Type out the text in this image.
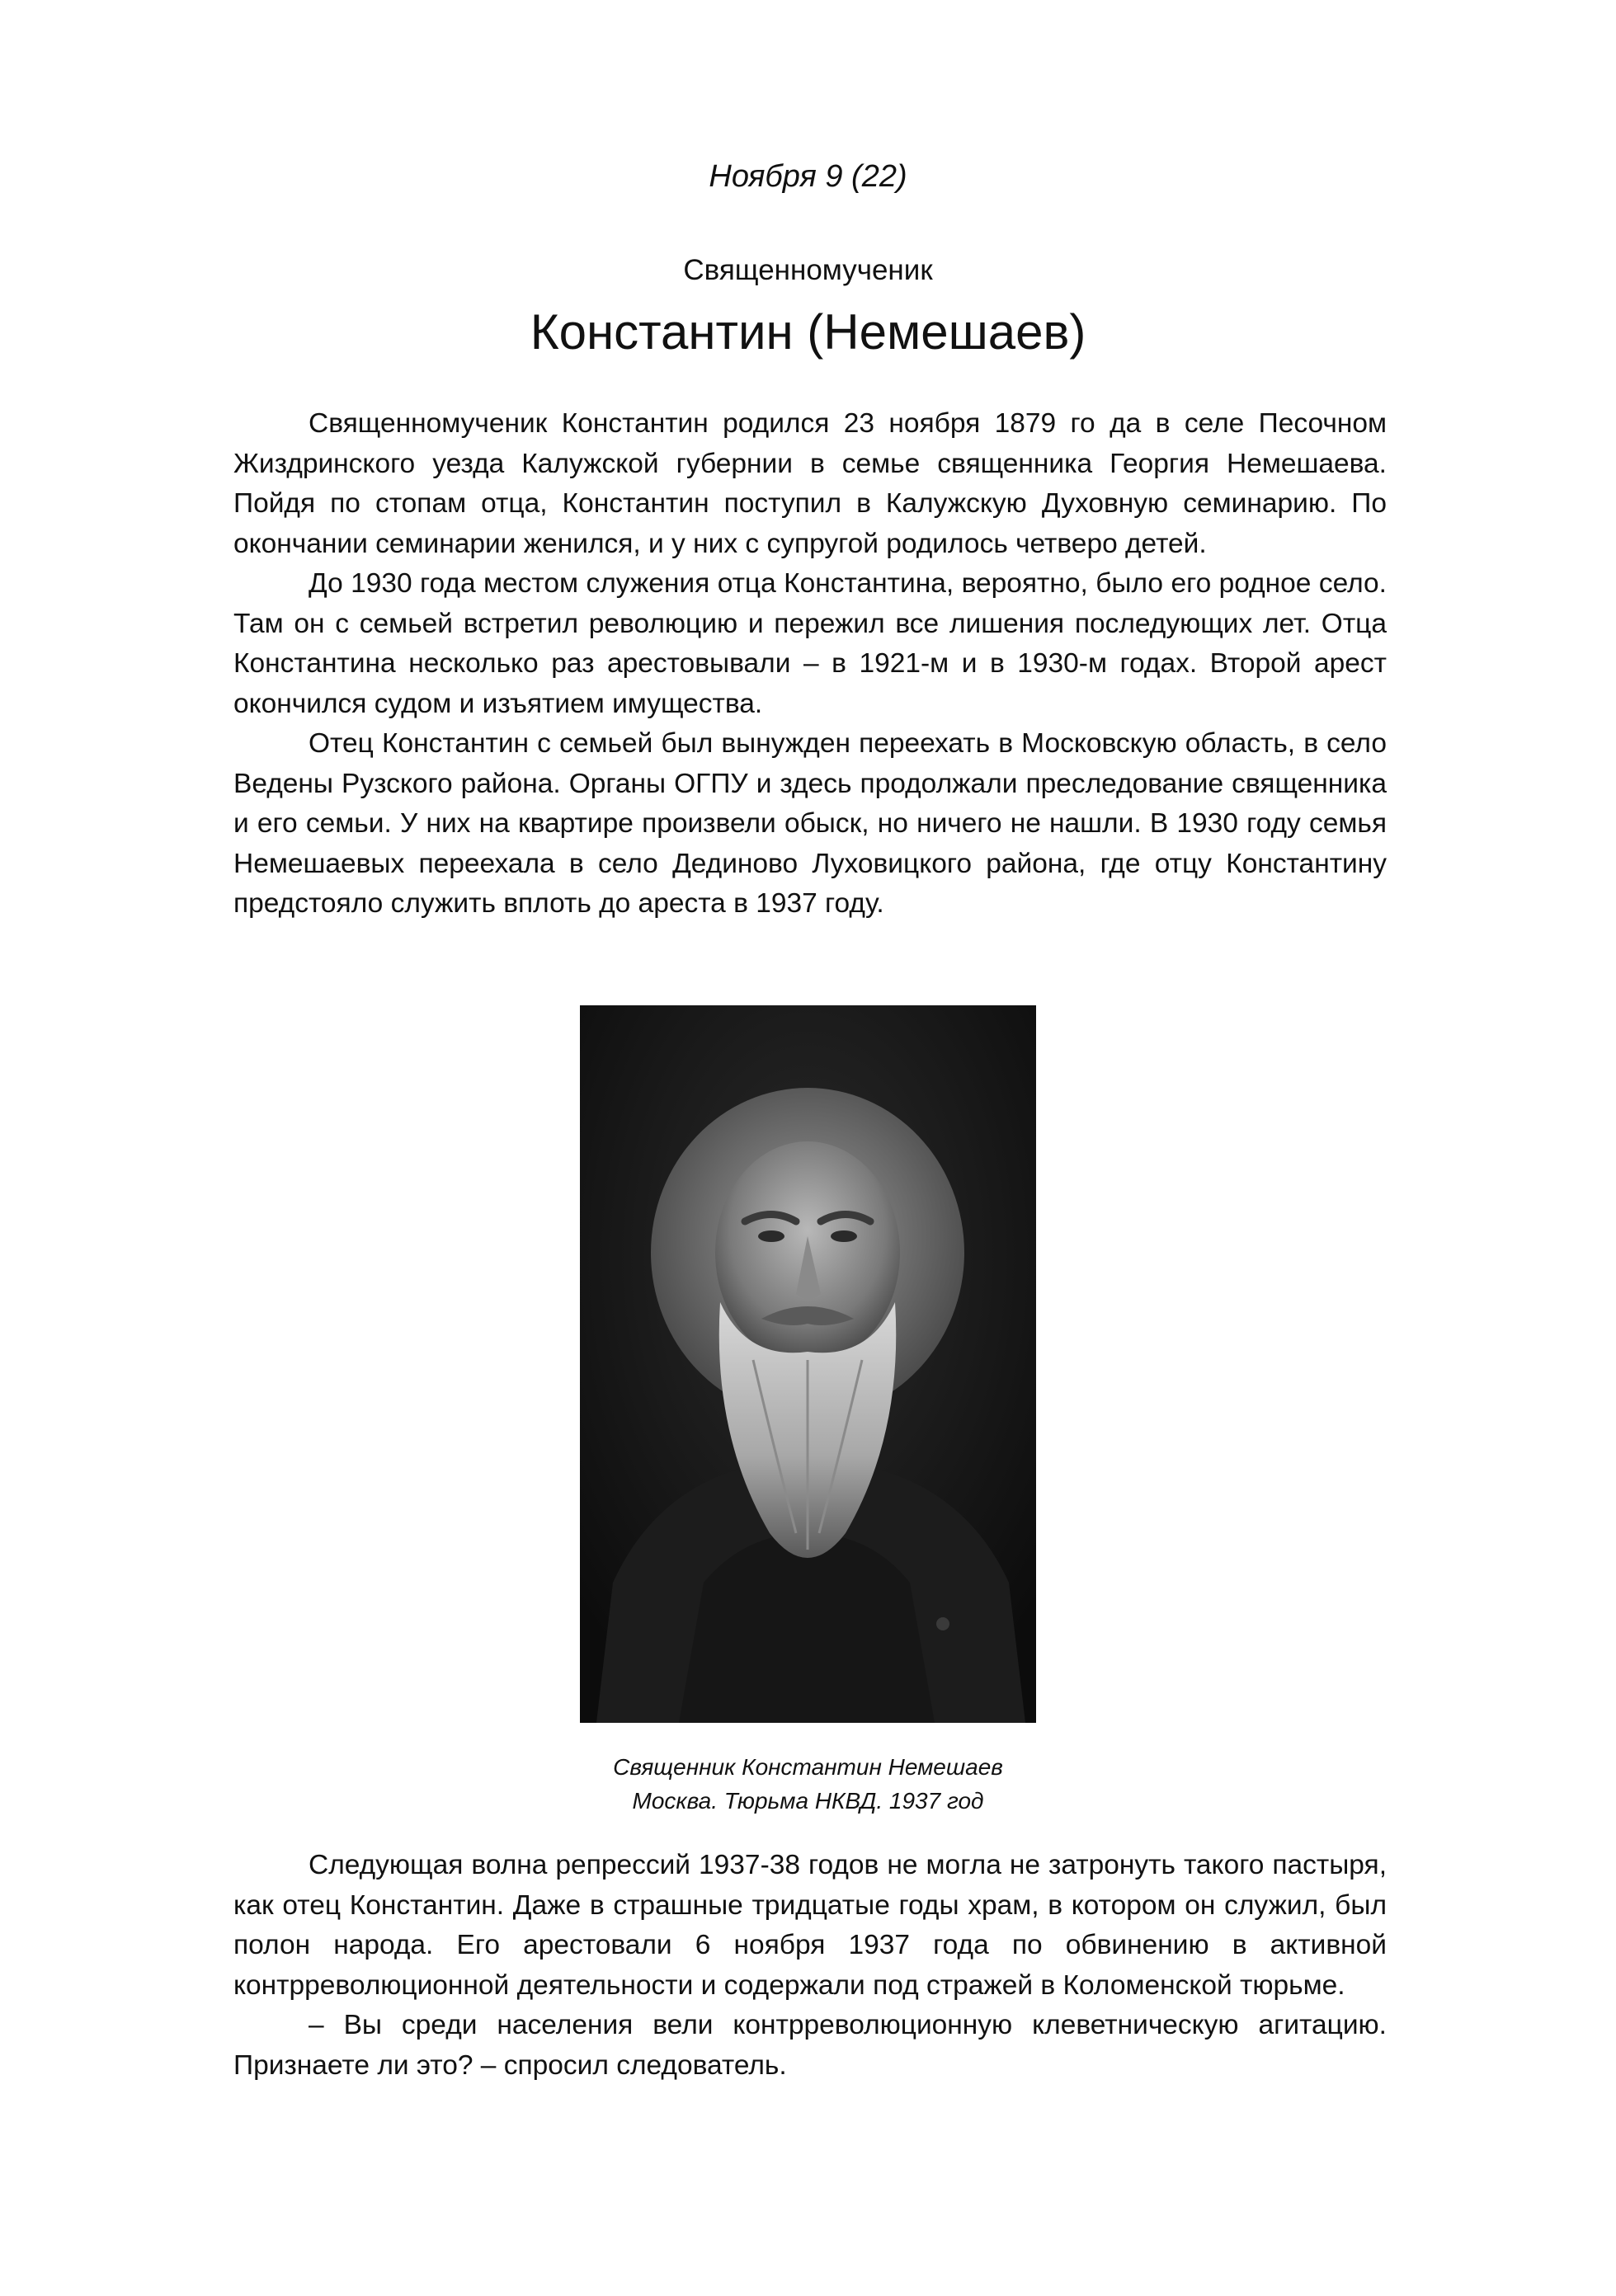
Ноября 9 (22)
Священномученик
Константин (Немешаев)

Священномученик Константин родился 23 ноября 1879 го да в селе Песочном Жиздринского уезда Калужской губернии в семье священника Георгия Немешаева. Пойдя по стопам отца, Константин поступил в Калужскую Духовную семинарию. По окончании семинарии женился, и у них с супругой родилось четверо детей.

До 1930 года местом служения отца Константина, вероятно, было его родное село. Там он с семьей встретил революцию и пережил все лишения последующих лет. Отца Константина несколько раз арестовывали – в 1921-м и в 1930-м годах. Второй арест окончился судом и изъятием имущества.

Отец Константин с семьей был вынужден переехать в Московскую область, в село Ведены Рузского района. Органы ОГПУ и здесь продолжали преследование священника и его семьи. У них на квартире произвели обыск, но ничего не нашли. В 1930 году семья Немешаевых переехала в село Дединово Луховицкого района, где отцу Константину предстояло служить вплоть до ареста в 1937 году.

Священник Константин Немешаев
Москва. Тюрьма НКВД. 1937 год

Следующая волна репрессий 1937-38 годов не могла не затронуть такого пастыря, как отец Константин. Даже в страшные тридцатые годы храм, в котором он служил, был полон народа. Его арестовали 6 ноября 1937 года по обвинению в активной контрреволюционной деятельности и содержали под стражей в Коломенской тюрьме.

– Вы среди населения вели контрреволюционную клеветническую агитацию. Признаете ли это? – спросил следователь.
